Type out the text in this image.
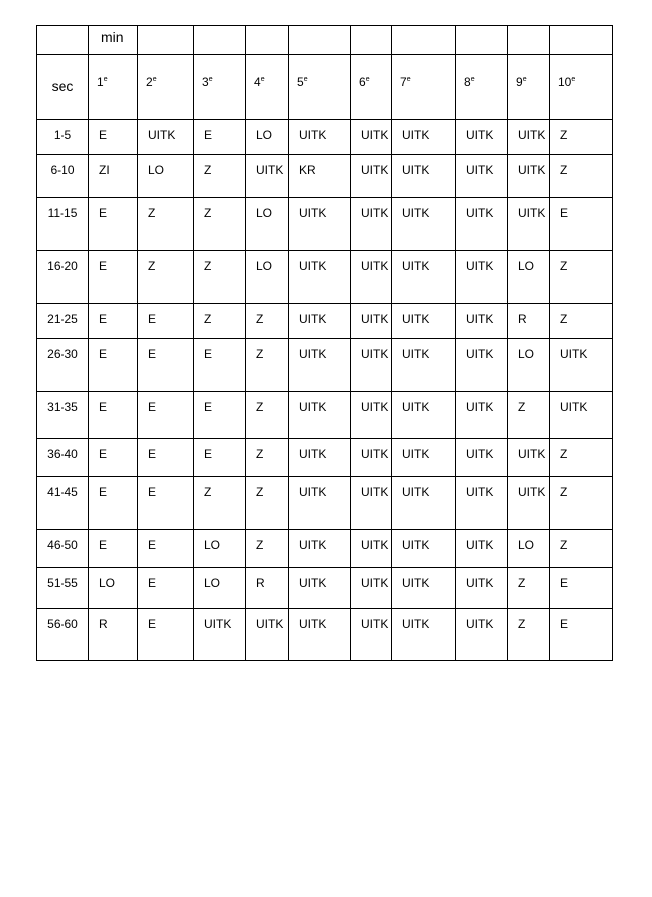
	min									

sec	1e	2e	3e	4e	5e	6e	7e	8e	9e	10e

1-5	E	UITK	E	LO	UITK	UITK	UITK	UITK	UITK	Z

6-10	ZI	LO	Z	UITK	KR	UITK	UITK	UITK	UITK	Z

11-15	E	Z	Z	LO	UITK	UITK	UITK	UITK	UITK	E

16-20	E	Z	Z	LO	UITK	UITK	UITK	UITK	LO	Z

21-25	E	E	Z	Z	UITK	UITK	UITK	UITK	R	Z

26-30	E	E	E	Z	UITK	UITK	UITK	UITK	LO	UITK

31-35	E	E	E	Z	UITK	UITK	UITK	UITK	Z	UITK

36-40	E	E	E	Z	UITK	UITK	UITK	UITK	UITK	Z

41-45	E	E	Z	Z	UITK	UITK	UITK	UITK	UITK	Z

46-50	E	E	LO	Z	UITK	UITK	UITK	UITK	LO	Z

51-55	LO	E	LO	R	UITK	UITK	UITK	UITK	Z	E

56-60	R	E	UITK	UITK	UITK	UITK	UITK	UITK	Z	E
